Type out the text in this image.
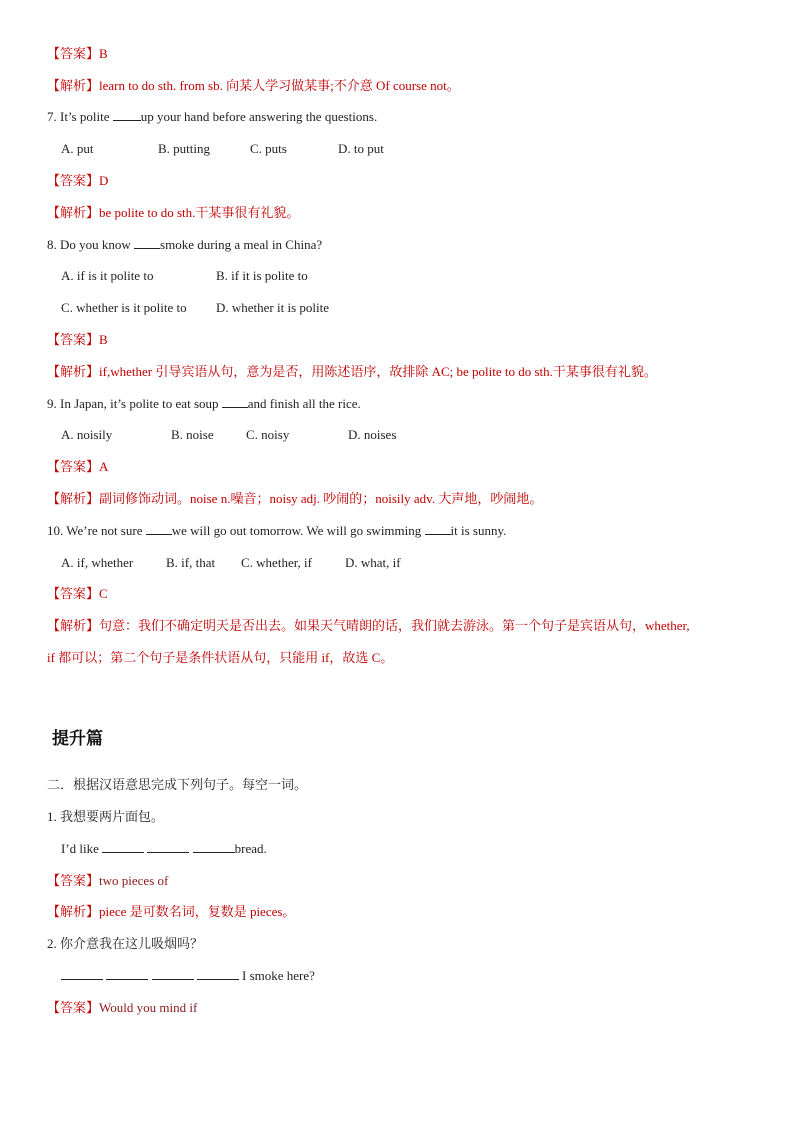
【答案】B
【解析】learn to do sth. from sb. 向某人学习做某事;不介意 Of course not。
7. It’s polite up your hand before answering the questions.
A. put	B. putting	C. puts	D. to put
【答案】D
【解析】be polite to do sth.干某事很有礼貌。
8. Do you know smoke during a meal in China?
A. if is it polite to	B. if it is polite to
C. whether is it polite to D. whether it is polite
【答案】B
【解析】if,whether 引导宾语从句，意为是否，用陈述语序，故排除 AC; be polite to do sth.干某事很有礼貌。
9. In Japan, it’s polite to eat soup and finish all the rice.
A. noisily	B. noise C. noisy	D. noises
【答案】A
【解析】副词修饰动词。noise n.噪音；noisy adj. 吵闹的；noisily adv. 大声地，吵闹地。
10. We’re not sure we will go out tomorrow. We will go swimming it is sunny.
A. if, whether	B. if, that C. whether, if	D. what, if
【答案】C
【解析】句意：我们不确定明天是否出去。如果天气晴朗的话，我们就去游泳。第一个句子是宾语从句，whether,
if 都可以；第二个句子是条件状语从句，只能用 if，故选 C。
提升篇
二．根据汉语意思完成下列句子。每空一词。
1. 我想要两片面包。
I’d like	bread.
【答案】two pieces of
【解析】piece 是可数名词，复数是 pieces。
2. 你介意我在这儿吸烟吗？
I smoke here?
【答案】Would you mind if
